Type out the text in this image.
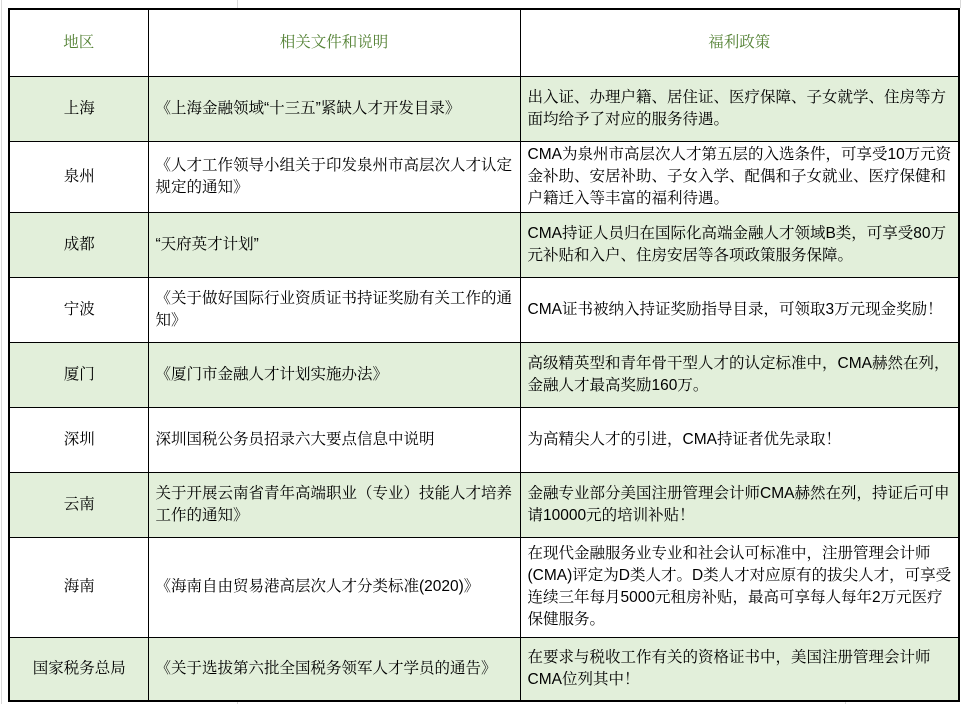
地区	相关文件和说明	福利政策
上海	《上海金融领域“十三五”紧缺人才开发目录》	出入证、办理户籍、居住证、医疗保障、子女就学、住房等方面均给予了对应的服务待遇。
泉州	《人才工作领导小组关于印发泉州市高层次人才认定规定的通知》	CMA为泉州市高层次人才第五层的入选条件，可享受10万元资金补助、安居补助、子女入学、配偶和子女就业、医疗保健和户籍迁入等丰富的福利待遇。
成都	“天府英才计划”	CMA持证人员归在国际化高端金融人才领域B类，可享受80万元补贴和入户、住房安居等各项政策服务保障。
宁波	《关于做好国际行业资质证书持证奖励有关工作的通知》	CMA证书被纳入持证奖励指导目录，可领取3万元现金奖励！
厦门	《厦门市金融人才计划实施办法》	高级精英型和青年骨干型人才的认定标准中，CMA赫然在列，金融人才最高奖励160万。
深圳	深圳国税公务员招录六大要点信息中说明	为高精尖人才的引进，CMA持证者优先录取！
云南	关于开展云南省青年高端职业（专业）技能人才培养工作的通知》	金融专业部分美国注册管理会计师CMA赫然在列，持证后可申请10000元的培训补贴！
海南	《海南自由贸易港高层次人才分类标准(2020)》	在现代金融服务业专业和社会认可标准中，注册管理会计师(CMA)评定为D类人才。D类人才对应原有的拔尖人才，可享受连续三年每月5000元租房补贴，最高可享每人每年2万元医疗保健服务。
国家税务总局	《关于选拔第六批全国税务领军人才学员的通告》	在要求与税收工作有关的资格证书中，美国注册管理会计师CMA位列其中！
